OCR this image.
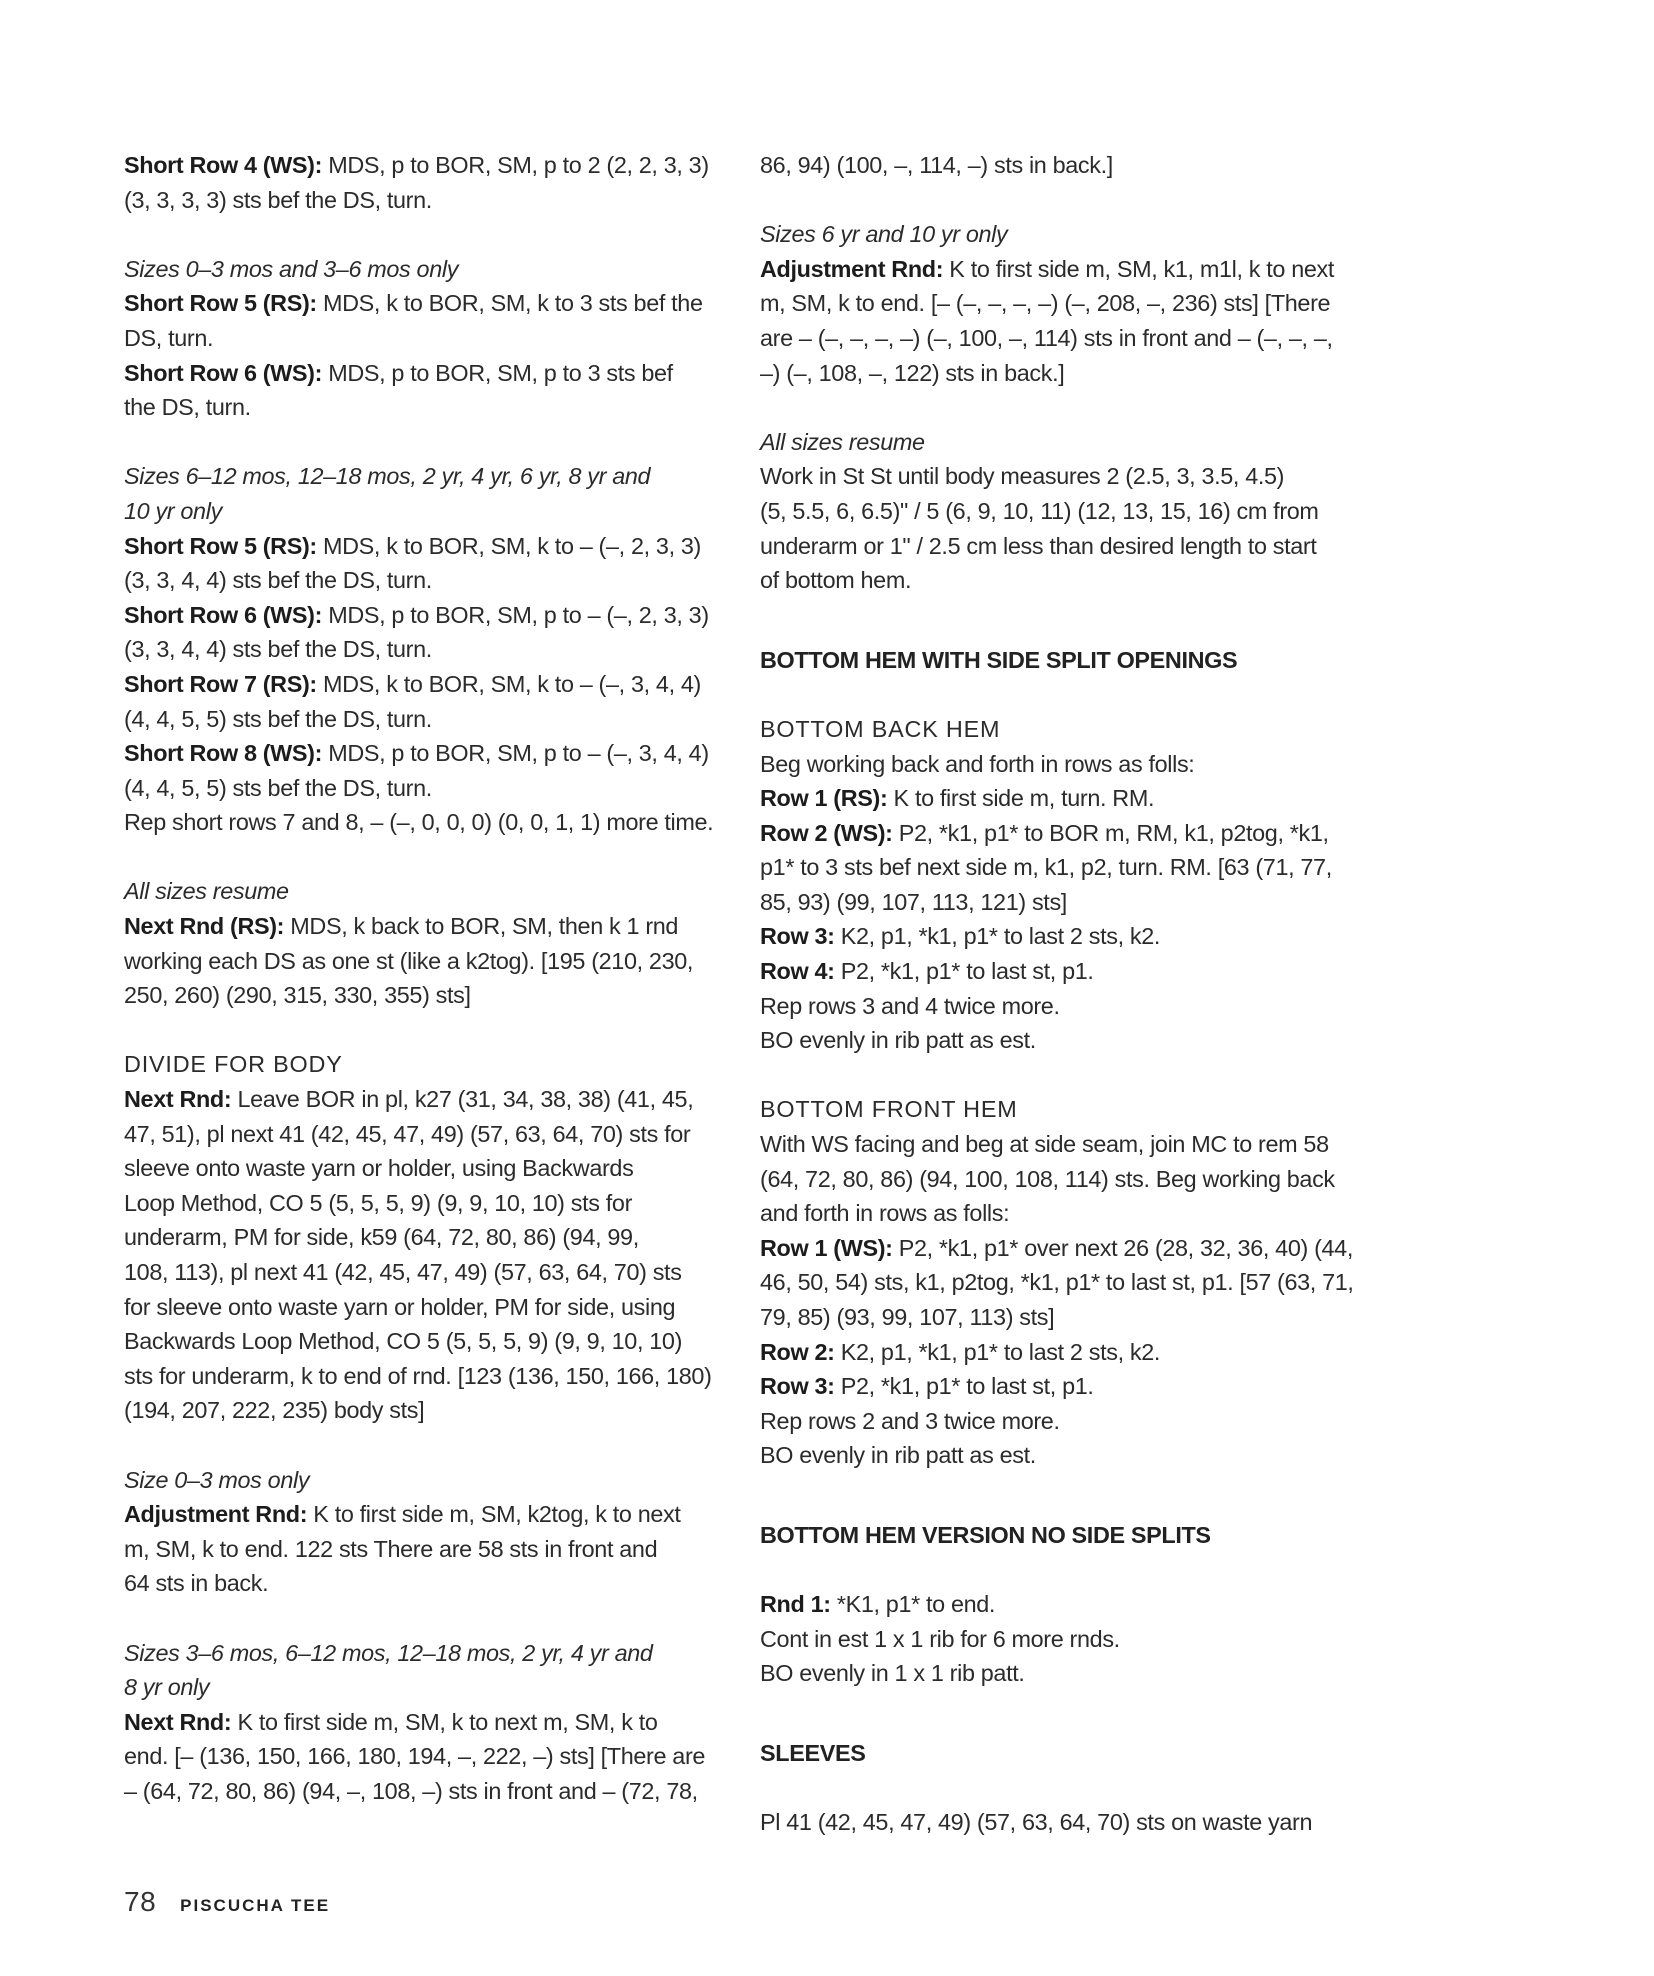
Short Row 4 (WS): MDS, p to BOR, SM, p to 2 (2, 2, 3, 3)

(3, 3, 3, 3) sts bef the DS, turn.

Sizes 0–3 mos and 3–6 mos only

Short Row 5 (RS): MDS, k to BOR, SM, k to 3 sts bef the

DS, turn.

Short Row 6 (WS): MDS, p to BOR, SM, p to 3 sts bef

the DS, turn.

Sizes 6–12 mos, 12–18 mos, 2 yr, 4 yr, 6 yr, 8 yr and

10 yr only

Short Row 5 (RS): MDS, k to BOR, SM, k to – (–, 2, 3, 3)

(3, 3, 4, 4) sts bef the DS, turn.

Short Row 6 (WS): MDS, p to BOR, SM, p to – (–, 2, 3, 3)

(3, 3, 4, 4) sts bef the DS, turn.

Short Row 7 (RS): MDS, k to BOR, SM, k to – (–, 3, 4, 4)

(4, 4, 5, 5) sts bef the DS, turn.

Short Row 8 (WS): MDS, p to BOR, SM, p to – (–, 3, 4, 4)

(4, 4, 5, 5) sts bef the DS, turn.

Rep short rows 7 and 8, – (–, 0, 0, 0) (0, 0, 1, 1) more time.

All sizes resume

Next Rnd (RS): MDS, k back to BOR, SM, then k 1 rnd

working each DS as one st (like a k2tog). [195 (210, 230,

250, 260) (290, 315, 330, 355) sts]

DIVIDE FOR BODY

Next Rnd: Leave BOR in pl, k27 (31, 34, 38, 38) (41, 45,

47, 51), pl next 41 (42, 45, 47, 49) (57, 63, 64, 70) sts for

sleeve onto waste yarn or holder, using Backwards

Loop Method, CO 5 (5, 5, 5, 9) (9, 9, 10, 10) sts for

underarm, PM for side, k59 (64, 72, 80, 86) (94, 99,

108, 113), pl next 41 (42, 45, 47, 49) (57, 63, 64, 70) sts

for sleeve onto waste yarn or holder, PM for side, using

Backwards Loop Method, CO 5 (5, 5, 5, 9) (9, 9, 10, 10)

sts for underarm, k to end of rnd. [123 (136, 150, 166, 180)

(194, 207, 222, 235) body sts]

Size 0–3 mos only

Adjustment Rnd: K to first side m, SM, k2tog, k to next

m, SM, k to end. 122 sts There are 58 sts in front and

64 sts in back.

Sizes 3–6 mos, 6–12 mos, 12–18 mos, 2 yr, 4 yr and

8 yr only

Next Rnd: K to first side m, SM, k to next m, SM, k to

end. [– (136, 150, 166, 180, 194, –, 222, –) sts] [There are

– (64, 72, 80, 86) (94, –, 108, –) sts in front and – (72, 78,

86, 94) (100, –, 114, –) sts in back.]

Sizes 6 yr and 10 yr only

Adjustment Rnd: K to first side m, SM, k1, m1l, k to next

m, SM, k to end. [– (–, –, –, –) (–, 208, –, 236) sts] [There

are – (–, –, –, –) (–, 100, –, 114) sts in front and – (–, –, –,

–) (–, 108, –, 122) sts in back.]

All sizes resume

Work in St St until body measures 2 (2.5, 3, 3.5, 4.5)

(5, 5.5, 6, 6.5)" / 5 (6, 9, 10, 11) (12, 13, 15, 16) cm from

underarm or 1" / 2.5 cm less than desired length to start

of bottom hem.

BOTTOM HEM WITH SIDE SPLIT OPENINGS

BOTTOM BACK HEM

Beg working back and forth in rows as folls:

Row 1 (RS): K to first side m, turn. RM.

Row 2 (WS): P2, *k1, p1* to BOR m, RM, k1, p2tog, *k1,

p1* to 3 sts bef next side m, k1, p2, turn. RM. [63 (71, 77,

85, 93) (99, 107, 113, 121) sts]

Row 3: K2, p1, *k1, p1* to last 2 sts, k2.

Row 4: P2, *k1, p1* to last st, p1.

Rep rows 3 and 4 twice more.

BO evenly in rib patt as est.

BOTTOM FRONT HEM

With WS facing and beg at side seam, join MC to rem 58

(64, 72, 80, 86) (94, 100, 108, 114) sts. Beg working back

and forth in rows as folls:

Row 1 (WS): P2, *k1, p1* over next 26 (28, 32, 36, 40) (44,

46, 50, 54) sts, k1, p2tog, *k1, p1* to last st, p1. [57 (63, 71,

79, 85) (93, 99, 107, 113) sts]

Row 2: K2, p1, *k1, p1* to last 2 sts, k2.

Row 3: P2, *k1, p1* to last st, p1.

Rep rows 2 and 3 twice more.

BO evenly in rib patt as est.

BOTTOM HEM VERSION NO SIDE SPLITS

Rnd 1: *K1, p1* to end.

Cont in est 1 x 1 rib for 6 more rnds.

BO evenly in 1 x 1 rib patt.

SLEEVES

Pl 41 (42, 45, 47, 49) (57, 63, 64, 70) sts on waste yarn

78 PISCUCHA TEE
